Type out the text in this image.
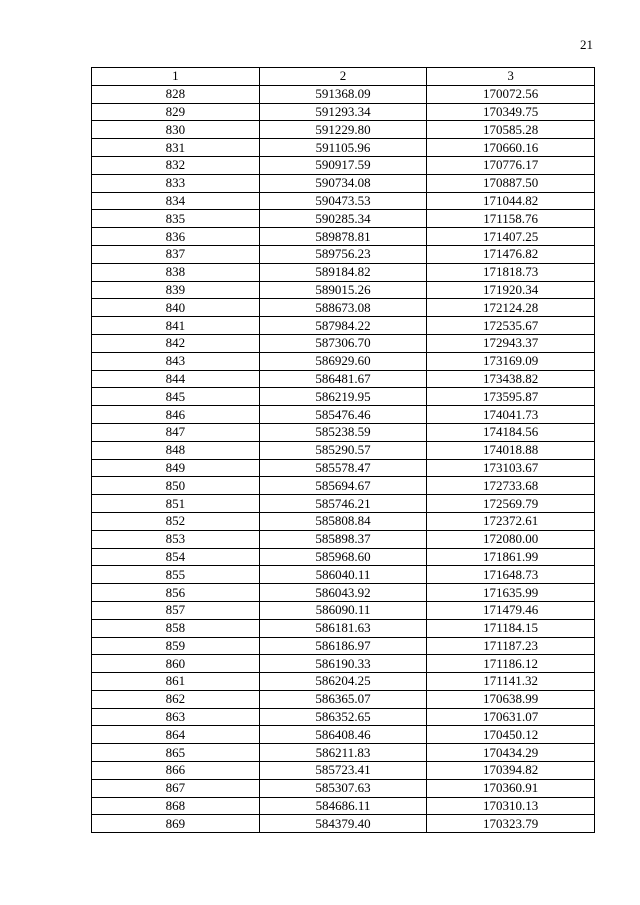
21
1	2	3
828	591368.09	170072.56
829	591293.34	170349.75
830	591229.80	170585.28
831	591105.96	170660.16
832	590917.59	170776.17
833	590734.08	170887.50
834	590473.53	171044.82
835	590285.34	171158.76
836	589878.81	171407.25
837	589756.23	171476.82
838	589184.82	171818.73
839	589015.26	171920.34
840	588673.08	172124.28
841	587984.22	172535.67
842	587306.70	172943.37
843	586929.60	173169.09
844	586481.67	173438.82
845	586219.95	173595.87
846	585476.46	174041.73
847	585238.59	174184.56
848	585290.57	174018.88
849	585578.47	173103.67
850	585694.67	172733.68
851	585746.21	172569.79
852	585808.84	172372.61
853	585898.37	172080.00
854	585968.60	171861.99
855	586040.11	171648.73
856	586043.92	171635.99
857	586090.11	171479.46
858	586181.63	171184.15
859	586186.97	171187.23
860	586190.33	171186.12
861	586204.25	171141.32
862	586365.07	170638.99
863	586352.65	170631.07
864	586408.46	170450.12
865	586211.83	170434.29
866	585723.41	170394.82
867	585307.63	170360.91
868	584686.11	170310.13
869	584379.40	170323.79
